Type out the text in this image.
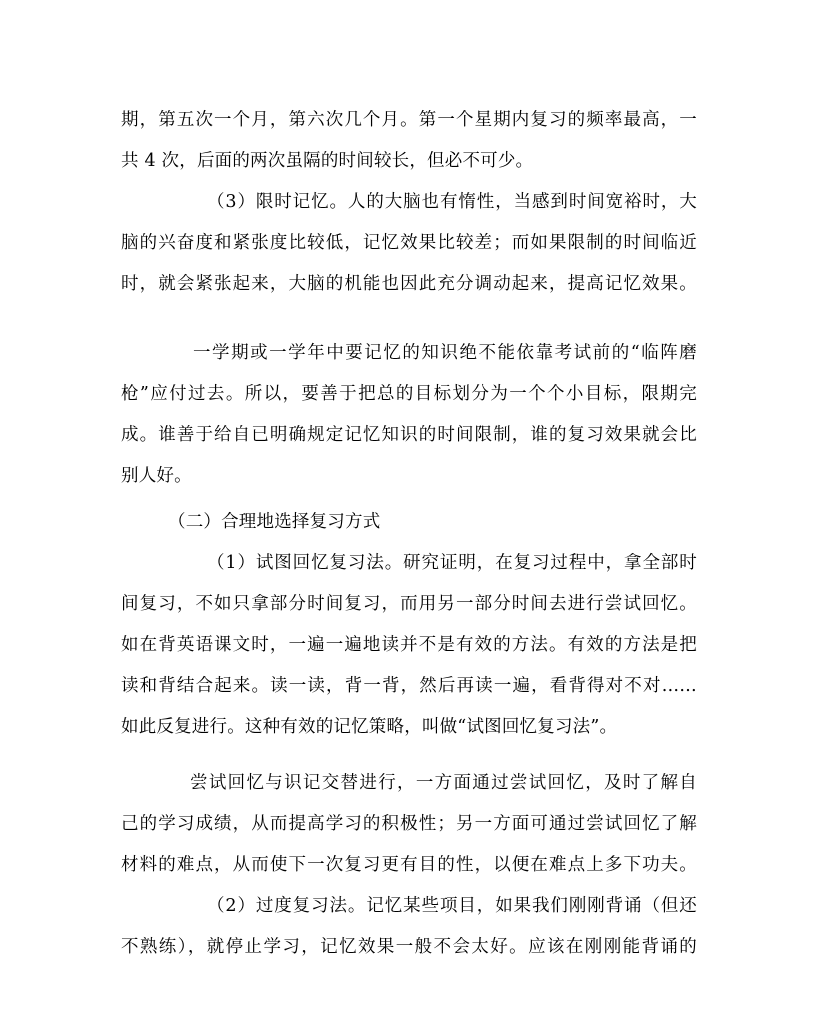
期，第五次一个月，第六次几个月。第一个星期内复习的频率最高，一
共 4 次，后面的两次虽隔的时间较长，但必不可少。
（3）限时记忆。人的大脑也有惰性，当感到时间宽裕时，大
脑的兴奋度和紧张度比较低，记忆效果比较差；而如果限制的时间临近
时，就会紧张起来，大脑的机能也因此充分调动起来，提高记忆效果。
一学期或一学年中要记忆的知识绝不能依靠考试前的“临阵磨
枪”应付过去。所以，要善于把总的目标划分为一个个小目标，限期完
成。谁善于给自已明确规定记忆知识的时间限制，谁的复习效果就会比
别人好。
（二）合理地选择复习方式
（1）试图回忆复习法。研究证明，在复习过程中，拿全部时
间复习，不如只拿部分时间复习，而用另一部分时间去进行尝试回忆。
如在背英语课文时，一遍一遍地读并不是有效的方法。有效的方法是把
读和背结合起来。读一读，背一背，然后再读一遍，看背得对不对……
如此反复进行。这种有效的记忆策略，叫做“试图回忆复习法”。
尝试回忆与识记交替进行，一方面通过尝试回忆，及时了解自
己的学习成绩，从而提高学习的积极性；另一方面可通过尝试回忆了解
材料的难点，从而使下一次复习更有目的性，以便在难点上多下功夫。
（2）过度复习法。记忆某些项目，如果我们刚刚背诵（但还
不熟练），就停止学习，记忆效果一般不会太好。应该在刚刚能背诵的
